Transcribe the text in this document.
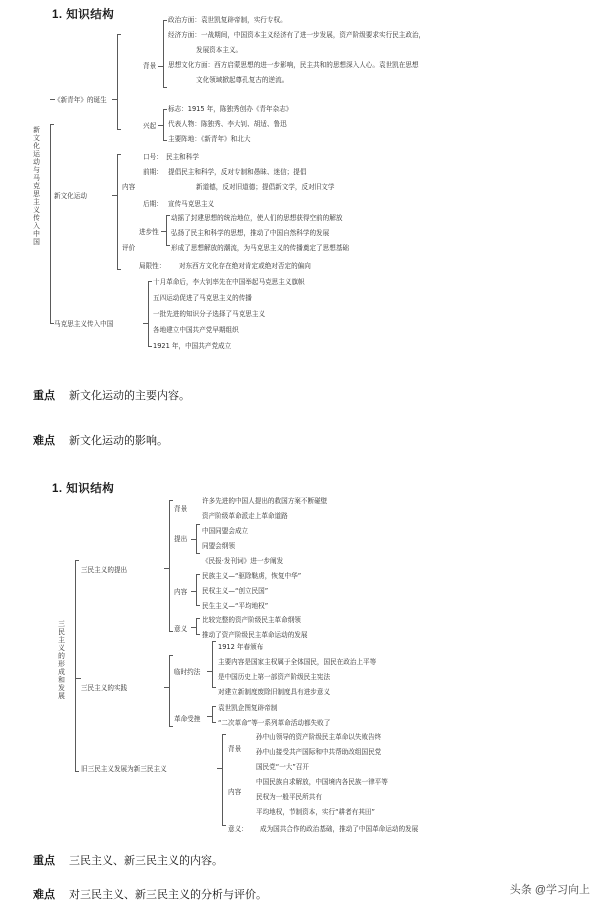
1. 知识结构
新文化运动与马克思主义传入中国
《新青年》的诞生
新文化运动
马克思主义传入中国
背景
政治方面：袁世凯复辟帝制，实行专权。
经济方面：一战期间，中国资本主义经济有了进一步发展，资产阶级要求实行民主政治，
发展资本主义。
思想文化方面：西方启蒙思想的进一步影响，民主共和的思想深入人心。袁世凯在思想
文化领域掀起尊孔复古的逆流。
兴起
标志：1915 年，陈独秀创办《青年杂志》
代表人物：陈独秀、李大钊、胡适、鲁迅
主要阵地：《新青年》和北大
内容
口号： 民主和科学
前期： 提倡民主和科学，反对专制和愚昧、迷信；提倡
新道德，反对旧道德；提倡新文学，反对旧文学
后期： 宣传马克思主义
评价
进步性
动摇了封建思想的统治地位，使人们的思想获得空前的解放
弘扬了民主和科学的思想，推动了中国自然科学的发展
形成了思想解放的潮流，为马克思主义的传播奠定了思想基础
局限性： 对东西方文化存在绝对肯定或绝对否定的偏向
十月革命后，李大钊率先在中国举起马克思主义旗帜
五四运动促进了马克思主义的传播
一批先进的知识分子选择了马克思主义
各地建立中国共产党早期组织
1921 年，中国共产党成立
重点 新文化运动的主要内容。
难点 新文化运动的影响。
1. 知识结构
三民主义的形成和发展
三民主义的提出
三民主义的实践
旧三民主义发展为新三民主义
背景
许多先进的中国人提出的救国方案不断碰壁
资产阶级革命派走上革命道路
提出
中国同盟会成立
同盟会纲领
《民报·发刊词》进一步阐发
内容
民族主义—“驱除鞑虏，恢复中华”
民权主义—“创立民国”
民生主义—“平均地权”
意义
比较完整的资产阶级民主革命纲领
推动了资产阶级民主革命运动的发展
临时约法
1912 年春颁布
主要内容是国家主权属于全体国民，国民在政治上平等
是中国历史上第一部资产阶级民主宪法
对建立新制度废除旧制度具有进步意义
革命受挫
袁世凯企图复辟帝制
“二次革命”等一系列革命活动都失败了
背景
孙中山领导的资产阶级民主革命以失败告终
孙中山接受共产国际和中共帮助改组国民党
国民党“一大”召开
内容
中国民族自求解放，中国境内各民族一律平等
民权为一般平民所共有
平均地权，节制资本，实行“耕者有其田”
意义： 成为国共合作的政治基础，推动了中国革命运动的发展
重点 三民主义、新三民主义的内容。
难点 对三民主义、新三民主义的分析与评价。	头条 @学习向上
